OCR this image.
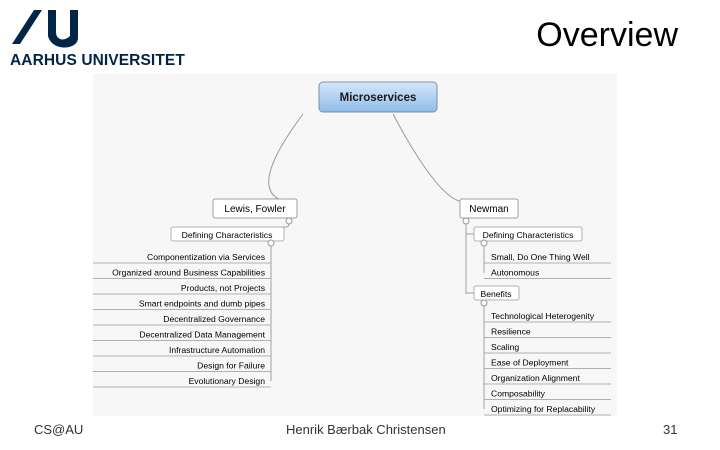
AARHUS UNIVERSITET
Overview
Microservices
Lewis, Fowler
Defining Characteristics
Componentization via Services
Organized around Business Capabilities
Products, not Projects
Smart endpoints and dumb pipes
Decentralized Governance
Decentralized Data Management
Infrastructure Automation
Design for Failure
Evolutionary Design
Newman
Defining Characteristics
Small, Do One Thing Well
Autonomous
Benefits
Technological Heterogenity
Resilience
Scaling
Ease of Deployment
Organization Alignment
Composability
Optimizing for Replacability
CS@AU	Henrik Bærbak Christensen	31
